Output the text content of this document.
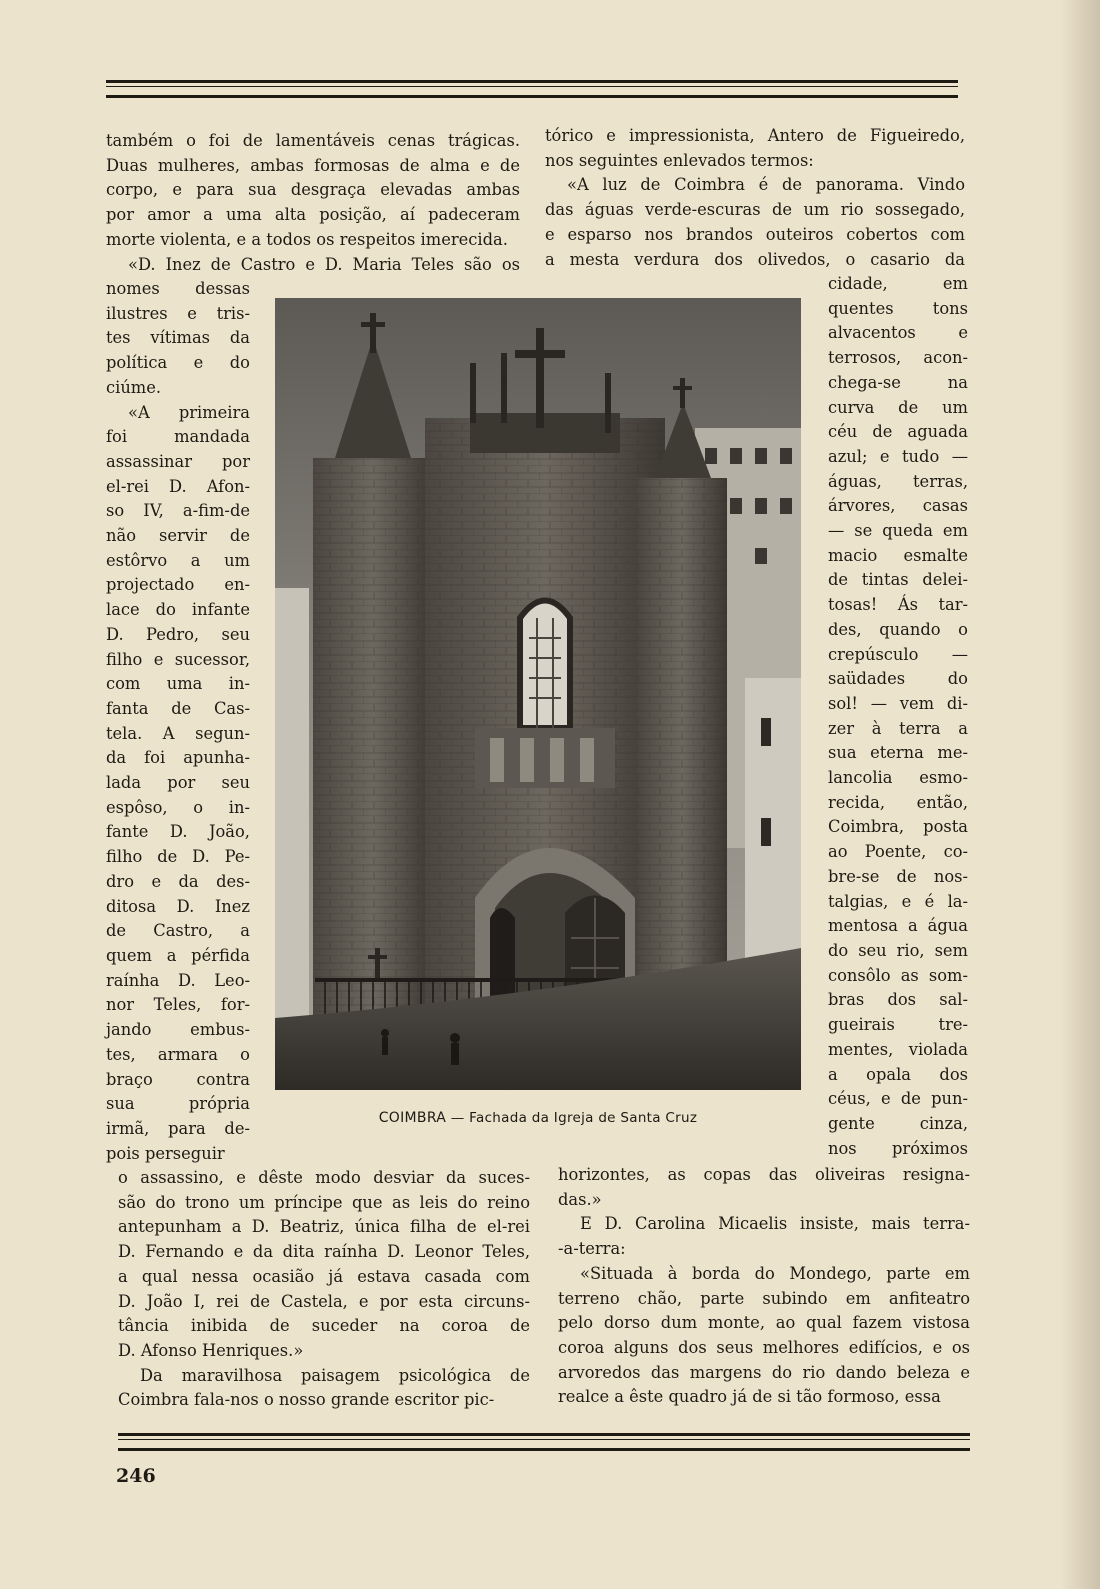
também o foi de lamentáveis cenas trágicas.
Duas mulheres, ambas formosas de alma e de
corpo, e para sua desgraça elevadas ambas
por amor a uma alta posição, aí padeceram
morte violenta, e a todos os respeitos imerecida.
«D. Inez de Castro e D. Maria Teles são os
nomes dessas
ilustres e tris-
tes vítimas da
política e do
ciúme.
«A primeira
foi mandada
assassinar por
el-rei D. Afon-
so IV, a-fim-de
não servir de
estôrvo a um
projectado en-
lace do infante
D. Pedro, seu
filho e sucessor,
com uma in-
fanta de Cas-
tela. A segun-
da foi apunha-
lada por seu
espôso, o in-
fante D. João,
filho de D. Pe-
dro e da des-
ditosa D. Inez
de Castro, a
quem a pérfida
raínha D. Leo-
nor Teles, for-
jando embus-
tes, armara o
braço contra
sua própria
irmã, para de-
pois perseguir
tórico e impressionista, Antero de Figueiredo,
nos seguintes enlevados termos:
«A luz de Coimbra é de panorama. Vindo
das águas verde-escuras de um rio sossegado,
e esparso nos brandos outeiros cobertos com
a mesta verdura dos olivedos, o casario da
cidade, em
quentes tons
alvacentos e
terrosos, acon-
chega-se na
curva de um
céu de aguada
azul; e tudo —
águas, terras,
árvores, casas
— se queda em
macio esmalte
de tintas delei-
tosas! Ás tar-
des, quando o
crepúsculo —
saüdades do
sol! — vem di-
zer à terra a
sua eterna me-
lancolia esmo-
recida, então,
Coimbra, posta
ao Poente, co-
bre-se de nos-
talgias, e é la-
mentosa a água
do seu rio, sem
consôlo as som-
bras dos sal-
gueirais tre-
mentes, violada
a opala dos
céus, e de pun-
gente cinza,
nos próximos
COIMBRA — Fachada da Igreja de Santa Cruz
o assassino, e dêste modo desviar da suces-
são do trono um príncipe que as leis do reino
antepunham a D. Beatriz, única filha de el-rei
D. Fernando e da dita raínha D. Leonor Teles,
a qual nessa ocasião já estava casada com
D. João I, rei de Castela, e por esta circuns-
tância inibida de suceder na coroa de
D. Afonso Henriques.»
Da maravilhosa paisagem psicológica de
Coimbra fala-nos o nosso grande escritor pic-
horizontes, as copas das oliveiras resigna-
das.»
E D. Carolina Micaelis insiste, mais terra-
-a-terra:
«Situada à borda do Mondego, parte em
terreno chão, parte subindo em anfiteatro
pelo dorso dum monte, ao qual fazem vistosa
coroa alguns dos seus melhores edifícios, e os
arvoredos das margens do rio dando beleza e
realce a êste quadro já de si tão formoso, essa
246
